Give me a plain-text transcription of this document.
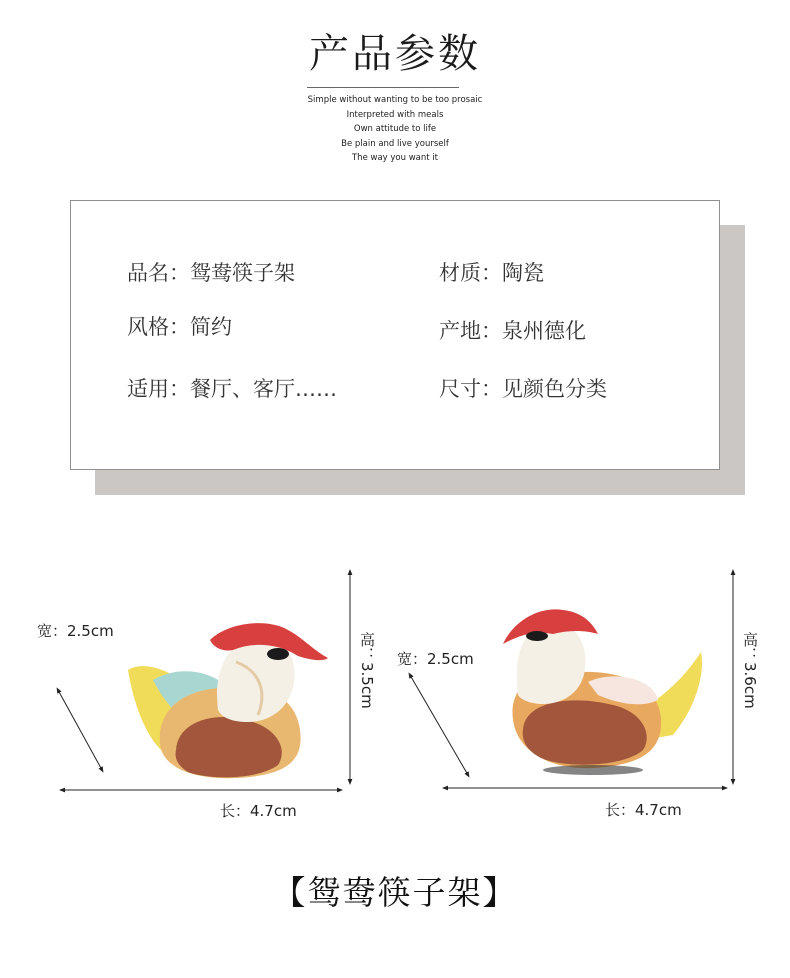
产品参数
Simple without wanting to be too prosaic
Interpreted with meals
Own attitude to life
Be plain and live yourself
The way you want it
品名：鸳鸯筷子架	材质：陶瓷
风格：简约	产地：泉州德化
适用：餐厅、客厅……	尺寸：见颜色分类
宽：2.5cm
高：3.5cm
长：4.7cm
宽：2.5cm	高：3.6cm
长：4.7cm
【鸳鸯筷子架】
